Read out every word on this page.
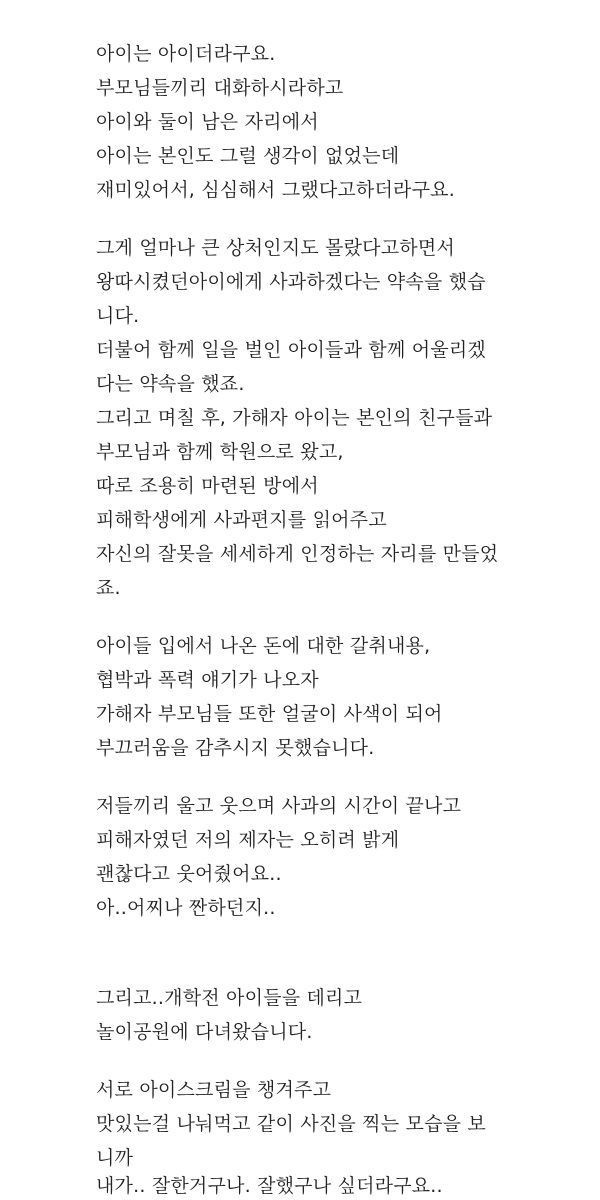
아이는 아이더라구요.
부모님들끼리 대화하시라하고
아이와 둘이 남은 자리에서
아이는 본인도 그럴 생각이 없었는데
재미있어서, 심심해서 그랬다고하더라구요.
그게 얼마나 큰 상처인지도 몰랐다고하면서
왕따시켰던아이에게 사과하겠다는 약속을 했습
니다.
더불어 함께 일을 벌인 아이들과 함께 어울리겠
다는 약속을 했죠.
그리고 며칠 후, 가해자 아이는 본인의 친구들과
부모님과 함께 학원으로 왔고,
따로 조용히 마련된 방에서
피해학생에게 사과편지를 읽어주고
자신의 잘못을 세세하게 인정하는 자리를 만들었
죠.
아이들 입에서 나온 돈에 대한 갈취내용,
협박과 폭력 얘기가 나오자
가해자 부모님들 또한 얼굴이 사색이 되어
부끄러움을 감추시지 못했습니다.
저들끼리 울고 웃으며 사과의 시간이 끝나고
피해자였던 저의 제자는 오히려 밝게
괜찮다고 웃어줬어요..
아..어찌나 짠하던지..
그리고..개학전 아이들을 데리고
놀이공원에 다녀왔습니다.
서로 아이스크림을 챙겨주고
맛있는걸 나눠먹고 같이 사진을 찍는 모습을 보
니까
내가.. 잘한거구나. 잘했구나 싶더라구요..
